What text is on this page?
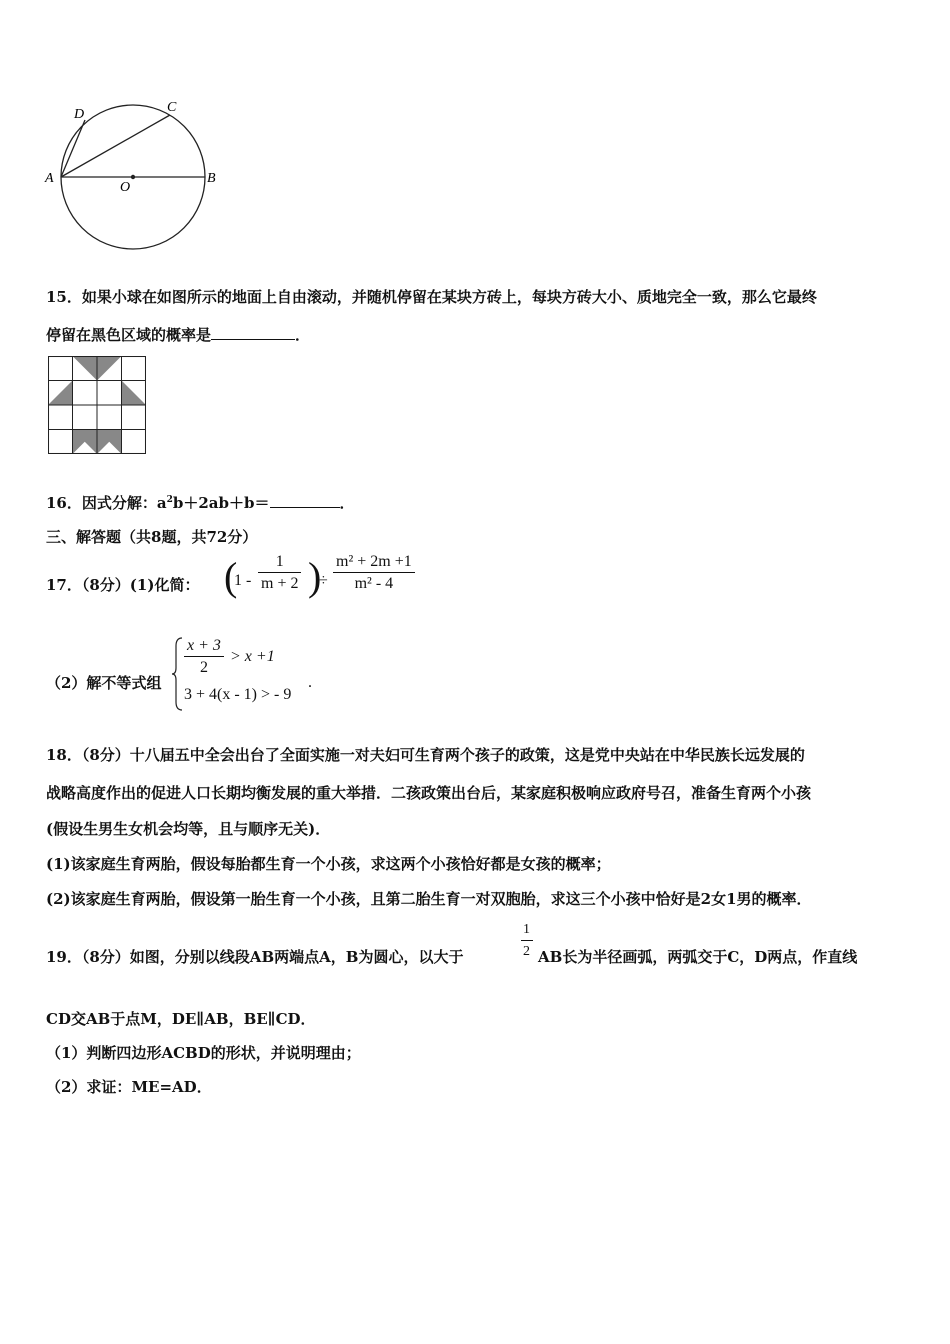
A	B
C
D
O
15．如果小球在如图所示的地面上自由滚动，并随机停留在某块方砖上，每块方砖大小、质地完全一致，那么它最终
停留在黑色区域的概率是	．
16．因式分解：$a^2b+2ab+b=$	．
三、解答题（共8题，共72分）
17．（8分）(1)化简： (
$1 - \frac{1}{m + 2}$ )
÷ $\frac{\text{m² + 2m +1}}{\text{m² - 4}}$
（2）解不等式组
$\frac{x + 3}{2} > x +1$
3 + 4(x - 1) > - 9
.
18．（8分）十八届五中全会出台了全面实施一对夫妇可生育两个孩子的政策，这是党中央站在中华民族长远发展的
战略高度作出的促进人口长期均衡发展的重大举措．二孩政策出台后，某家庭积极响应政府号召，准备生育两个小孩
(假设生男生女机会均等，且与顺序无关)．
(1)该家庭生育两胎，假设每胎都生育一个小孩，求这两个小孩恰好都是女孩的概率；
(2)该家庭生育两胎，假设第一胎生育一个小孩，且第二胎生育一对双胞胎，求这三个小孩中恰好是2女1男的概率．
19．（8分）如图，分别以线段AB两端点A，B为圆心，以大于
1
2 AB长为半径画弧，两弧交于C，D两点，作直线
CD交AB于点M，DE∥AB，BE∥CD．
（1）判断四边形ACBD的形状，并说明理由；
（2）求证：ME=AD．
